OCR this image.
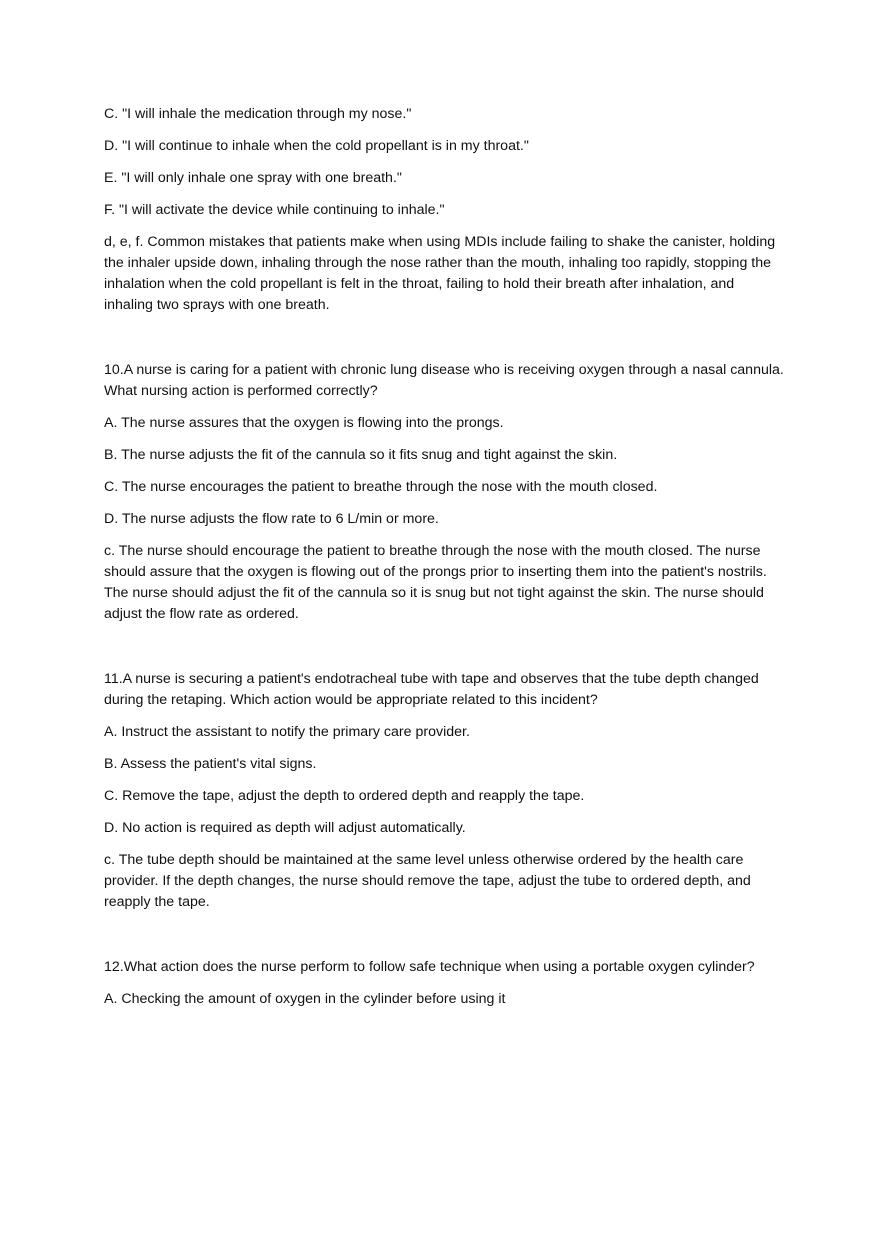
C. "I will inhale the medication through my nose."

D. "I will continue to inhale when the cold propellant is in my throat."

E. "I will only inhale one spray with one breath."

F. "I will activate the device while continuing to inhale."

d, e, f. Common mistakes that patients make when using MDIs include failing to shake the canister, holding the inhaler upside down, inhaling through the nose rather than the mouth, inhaling too rapidly, stopping the inhalation when the cold propellant is felt in the throat, failing to hold their breath after inhalation, and inhaling two sprays with one breath.

10.A nurse is caring for a patient with chronic lung disease who is receiving oxygen through a nasal cannula. What nursing action is performed correctly?

A. The nurse assures that the oxygen is flowing into the prongs.

B. The nurse adjusts the fit of the cannula so it fits snug and tight against the skin.

C. The nurse encourages the patient to breathe through the nose with the mouth closed.

D. The nurse adjusts the flow rate to 6 L/min or more.

c. The nurse should encourage the patient to breathe through the nose with the mouth closed. The nurse should assure that the oxygen is flowing out of the prongs prior to inserting them into the patient's nostrils. The nurse should adjust the fit of the cannula so it is snug but not tight against the skin. The nurse should adjust the flow rate as ordered.

11.A nurse is securing a patient's endotracheal tube with tape and observes that the tube depth changed during the retaping. Which action would be appropriate related to this incident?

A. Instruct the assistant to notify the primary care provider.

B. Assess the patient's vital signs.

C. Remove the tape, adjust the depth to ordered depth and reapply the tape.

D. No action is required as depth will adjust automatically.

c. The tube depth should be maintained at the same level unless otherwise ordered by the health care provider. If the depth changes, the nurse should remove the tape, adjust the tube to ordered depth, and reapply the tape.

12.What action does the nurse perform to follow safe technique when using a portable oxygen cylinder?

A. Checking the amount of oxygen in the cylinder before using it
